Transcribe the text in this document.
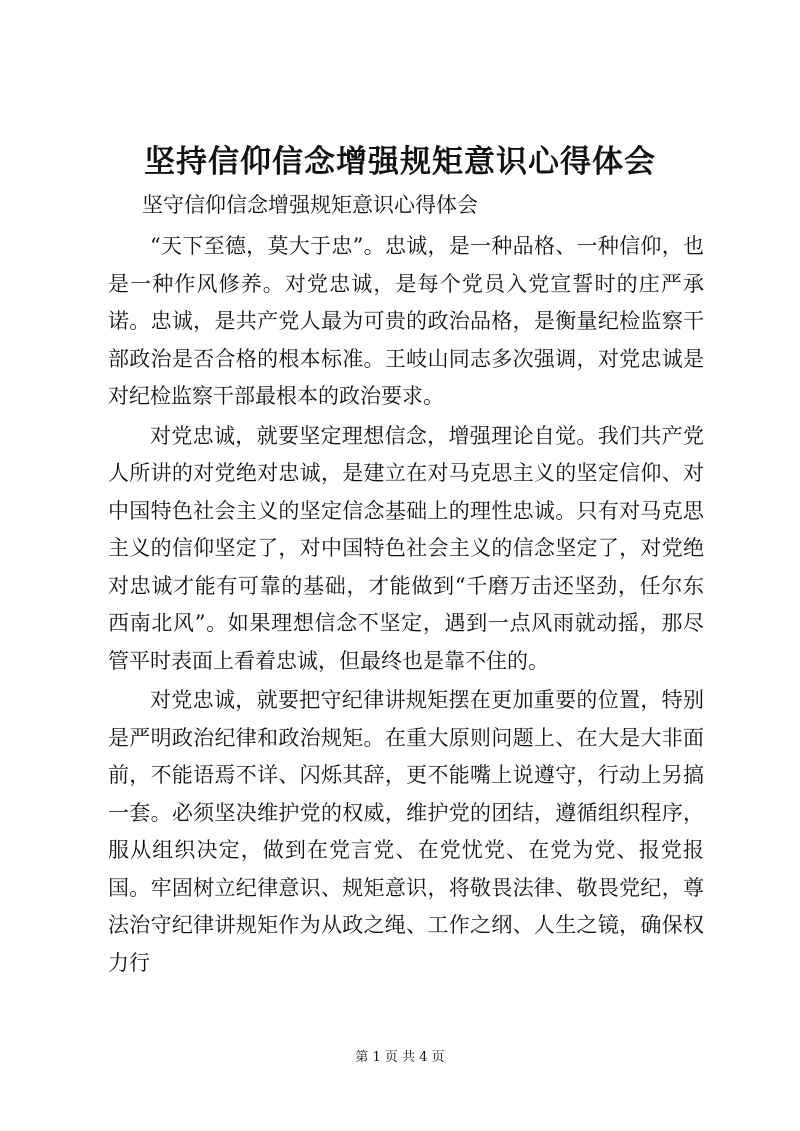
坚持信仰信念增强规矩意识心得体会
坚守信仰信念增强规矩意识心得体会

“天下至德，莫大于忠”。忠诚，是一种品格、一种信仰，也是一种作风修养。对党忠诚，是每个党员入党宣誓时的庄严承诺。忠诚，是共产党人最为可贵的政治品格，是衡量纪检监察干部政治是否合格的根本标准。王岐山同志多次强调，对党忠诚是对纪检监察干部最根本的政治要求。

对党忠诚，就要坚定理想信念，增强理论自觉。我们共产党人所讲的对党绝对忠诚，是建立在对马克思主义的坚定信仰、对中国特色社会主义的坚定信念基础上的理性忠诚。只有对马克思主义的信仰坚定了，对中国特色社会主义的信念坚定了，对党绝对忠诚才能有可靠的基础，才能做到“千磨万击还坚劲，任尔东西南北风”。如果理想信念不坚定，遇到一点风雨就动摇，那尽管平时表面上看着忠诚，但最终也是靠不住的。

对党忠诚，就要把守纪律讲规矩摆在更加重要的位置，特别是严明政治纪律和政治规矩。在重大原则问题上、在大是大非面前，不能语焉不详、闪烁其辞，更不能嘴上说遵守，行动上另搞一套。必须坚决维护党的权威，维护党的团结，遵循组织程序，服从组织决定，做到在党言党、在党忧党、在党为党、报党报国。牢固树立纪律意识、规矩意识，将敬畏法律、敬畏党纪，尊法治守纪律讲规矩作为从政之绳、工作之纲、人生之镜，确保权力行

第 1 页 共 4 页
